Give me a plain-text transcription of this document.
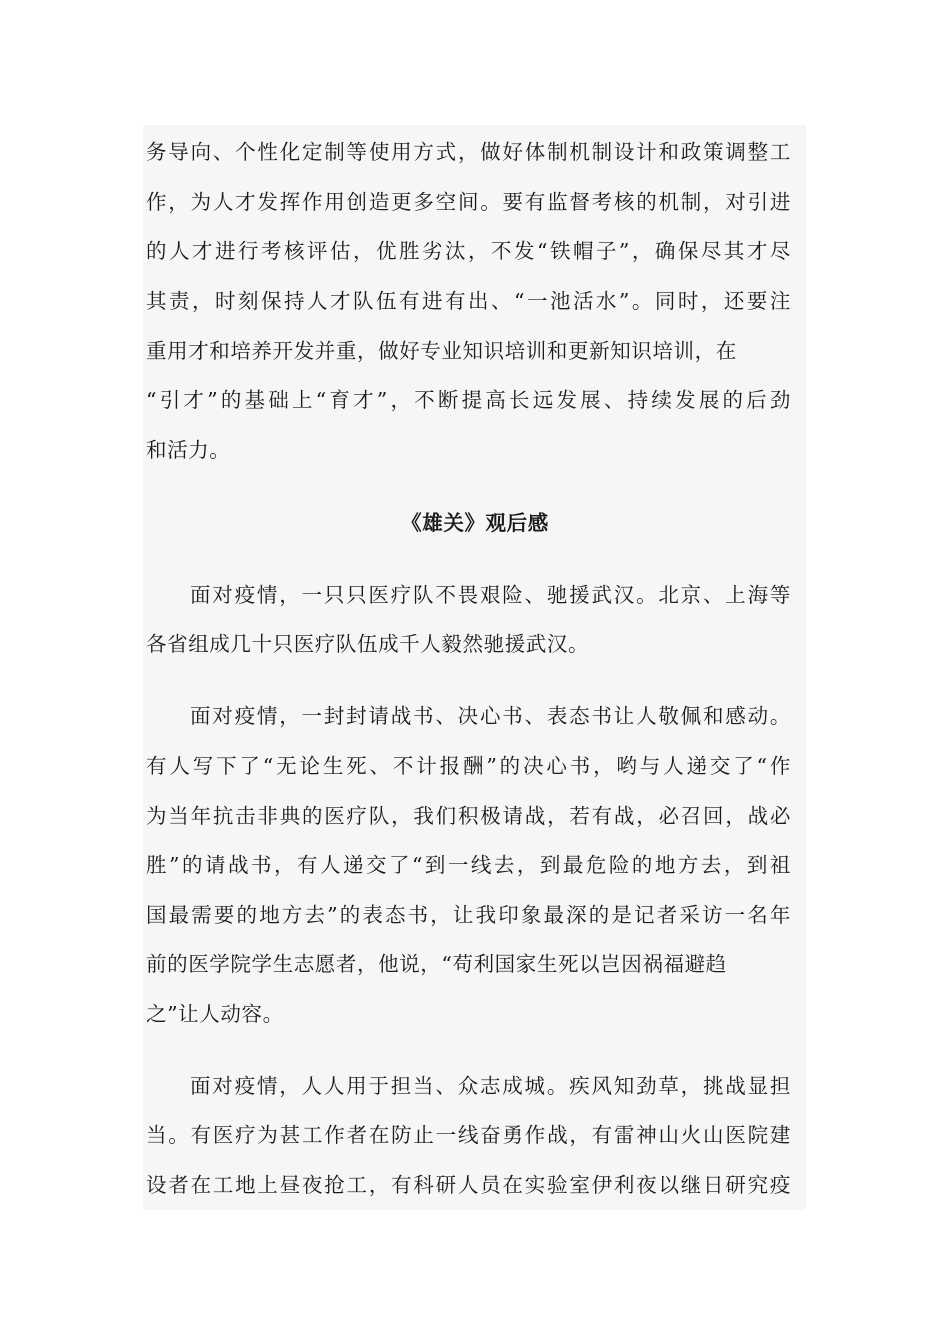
务导向、个性化定制等使用方式，做好体制机制设计和政策调整工
作，为人才发挥作用创造更多空间。要有监督考核的机制，对引进
的人才进行考核评估，优胜劣汰，不发“铁帽子”，确保尽其才尽
其责，时刻保持人才队伍有进有出、“一池活水”。同时，还要注
重用才和培养开发并重，做好专业知识培训和更新知识培训，在
“引才”的基础上“育才”，不断提高长远发展、持续发展的后劲
和活力。
《雄关》观后感
面对疫情，一只只医疗队不畏艰险、驰援武汉。北京、上海等
各省组成几十只医疗队伍成千人毅然驰援武汉。
面对疫情，一封封请战书、决心书、表态书让人敬佩和感动。
有人写下了“无论生死、不计报酬”的决心书，哟与人递交了“作
为当年抗击非典的医疗队，我们积极请战，若有战，必召回，战必
胜”的请战书，有人递交了“到一线去，到最危险的地方去，到祖
国最需要的地方去”的表态书，让我印象最深的是记者采访一名年
前的医学院学生志愿者，他说，“苟利国家生死以岂因祸福避趋
之”让人动容。
面对疫情，人人用于担当、众志成城。疾风知劲草，挑战显担
当。有医疗为甚工作者在防止一线奋勇作战，有雷神山火山医院建
设者在工地上昼夜抢工，有科研人员在实验室伊利夜以继日研究疫
